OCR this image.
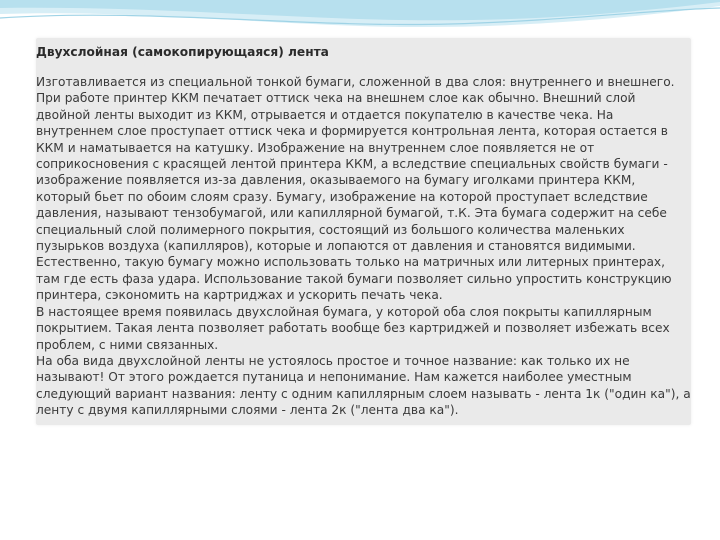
Двухслойная (самокопирующаяся) лента

Изготавливается из специальной тонкой бумаги, сложенной в два слоя: внутреннего и внешнего. При работе принтер ККМ печатает оттиск чека на внешнем слое как обычно. Внешний слой двойной ленты выходит из ККМ, отрывается и отдается покупателю в качестве чека. На внутреннем слое проступает оттиск чека и формируется контрольная лента, которая остается в ККМ и наматывается на катушку. Изображение на внутреннем слое появляется не от соприкосновения с красящей лентой принтера ККМ, а вследствие специальных свойств бумаги - изображение появляется из-за давления, оказываемого на бумагу иголками принтера ККМ, который бьет по обоим слоям сразу. Бумагу, изображение на которой проступает вследствие давления, называют тензобумагой, или капиллярной бумагой, т.К. Эта бумага содержит на себе специальный слой полимерного покрытия, состоящий из большого количества маленьких пузырьков воздуха (капилляров), которые и лопаются от давления и становятся видимыми.

Естественно, такую бумагу можно использовать только на матричных или литерных принтерах, там где есть фаза удара. Использование такой бумаги позволяет сильно упростить конструкцию принтера, сэкономить на картриджах и ускорить печать чека.

В настоящее время появилась двухслойная бумага, у которой оба слоя покрыты капиллярным покрытием. Такая лента позволяет работать вообще без картриджей и позволяет избежать всех проблем, с ними связанных.

На оба вида двухслойной ленты не устоялось простое и точное название: как только их не называют! От этого рождается путаница и непонимание. Нам кажется наиболее уместным следующий вариант названия: ленту с одним капиллярным слоем называть - лента 1к ("один ка"), а ленту с двумя капиллярными слоями - лента 2к ("лента два ка").
